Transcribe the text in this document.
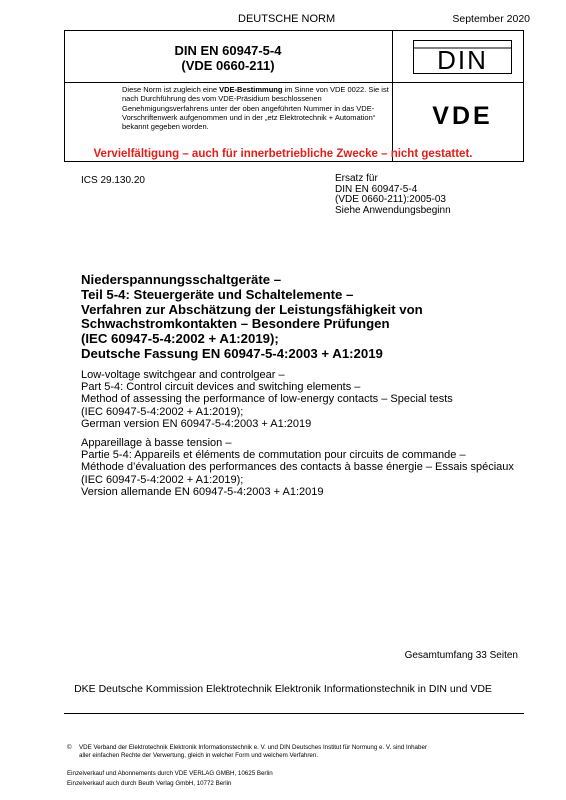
DEUTSCHE NORM	September 2020
DIN EN 60947-5-4
(VDE 0660-211)	DIN
VDE
Diese Norm ist zugleich eine VDE-Bestimmung im Sinne von VDE 0022. Sie ist nach Durchführung des vom VDE-Präsidium beschlossenen Genehmigungsverfahrens unter der oben angeführten Nummer in das VDE-Vorschriftenwerk aufgenommen und in der „etz Elektrotechnik + Automation“ bekannt gegeben worden.
Vervielfältigung – auch für innerbetriebliche Zwecke – nicht gestattet.
ICS 29.130.20	Ersatz für
DIN EN 60947-5-4
(VDE 0660-211):2005-03
Siehe Anwendungsbeginn
Niederspannungsschaltgeräte –
Teil 5-4: Steuergeräte und Schaltelemente –
Verfahren zur Abschätzung der Leistungsfähigkeit von
Schwachstromkontakten – Besondere Prüfungen
(IEC 60947-5-4:2002 + A1:2019);
Deutsche Fassung EN 60947-5-4:2003 + A1:2019
Low-voltage switchgear and controlgear –
Part 5-4: Control circuit devices and switching elements –
Method of assessing the performance of low-energy contacts – Special tests
(IEC 60947-5-4:2002 + A1:2019);
German version EN 60947-5-4:2003 + A1:2019
Appareillage à basse tension –
Partie 5-4: Appareils et éléments de commutation pour circuits de commande –
Méthode d’évaluation des performances des contacts à basse énergie – Essais spéciaux
(IEC 60947-5-4:2002 + A1:2019);
Version allemande EN 60947-5-4:2003 + A1:2019
Gesamtumfang 33 Seiten
DKE Deutsche Kommission Elektrotechnik Elektronik Informationstechnik in DIN und VDE
© VDE Verband der Elektrotechnik Elektronik Informationstechnik e. V. und DIN Deutsches Institut für Normung e. V. sind Inhaber
aller einfachen Rechte der Verwertung, gleich in welcher Form und welchem Verfahren.
Einzelverkauf und Abonnements durch VDE VERLAG GMBH, 10625 Berlin
Einzelverkauf auch durch Beuth Verlag GmbH, 10772 Berlin
